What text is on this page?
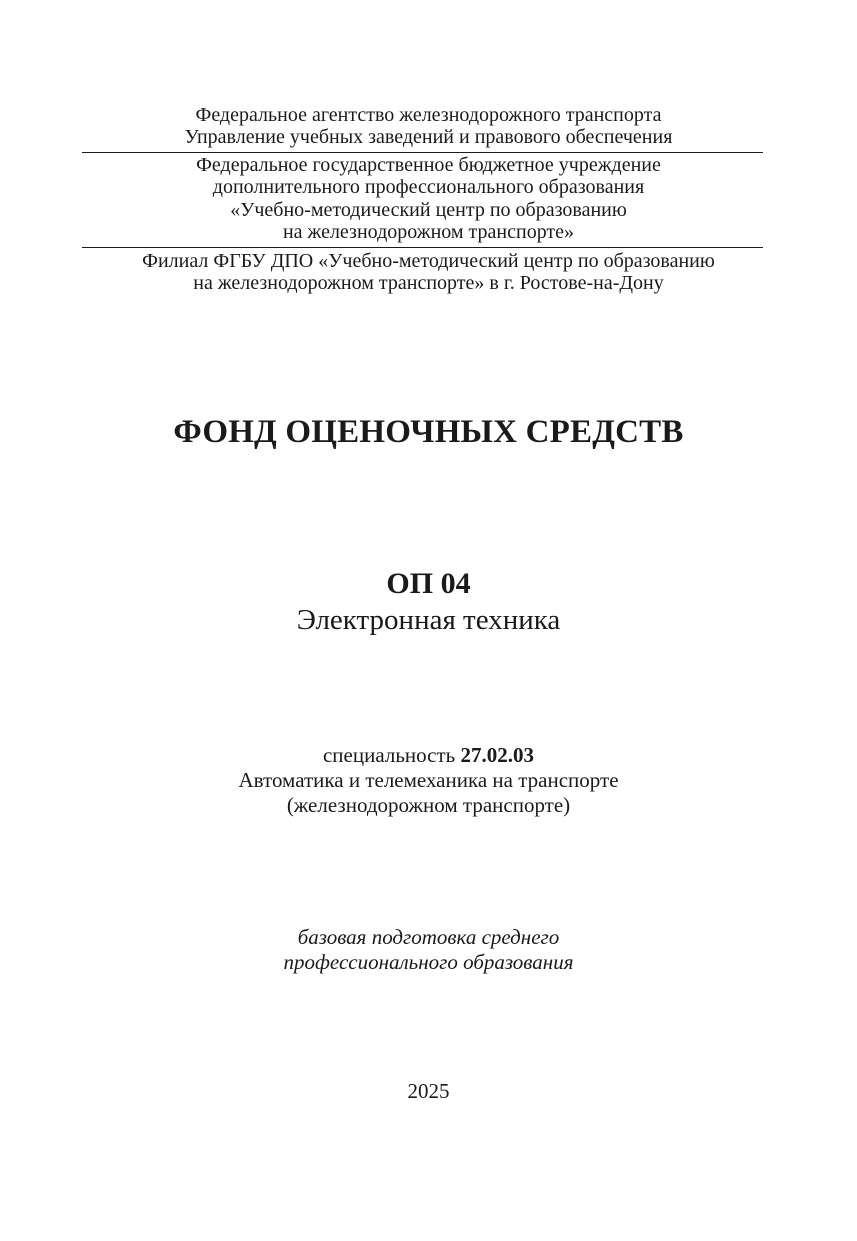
Федеральное агентство железнодорожного транспорта
Управление учебных заведений и правового обеспечения
Федеральное государственное бюджетное учреждение
дополнительного профессионального образования
«Учебно-методический центр по образованию
на железнодорожном транспорте»
Филиал ФГБУ ДПО «Учебно-методический центр по образованию
на железнодорожном транспорте» в г. Ростове-на-Дону
ФОНД ОЦЕНОЧНЫХ СРЕДСТВ
ОП 04
Электронная техника
специальность 27.02.03
Автоматика и телемеханика на транспорте
(железнодорожном транспорте)
базовая подготовка среднего
профессионального образования
2025
